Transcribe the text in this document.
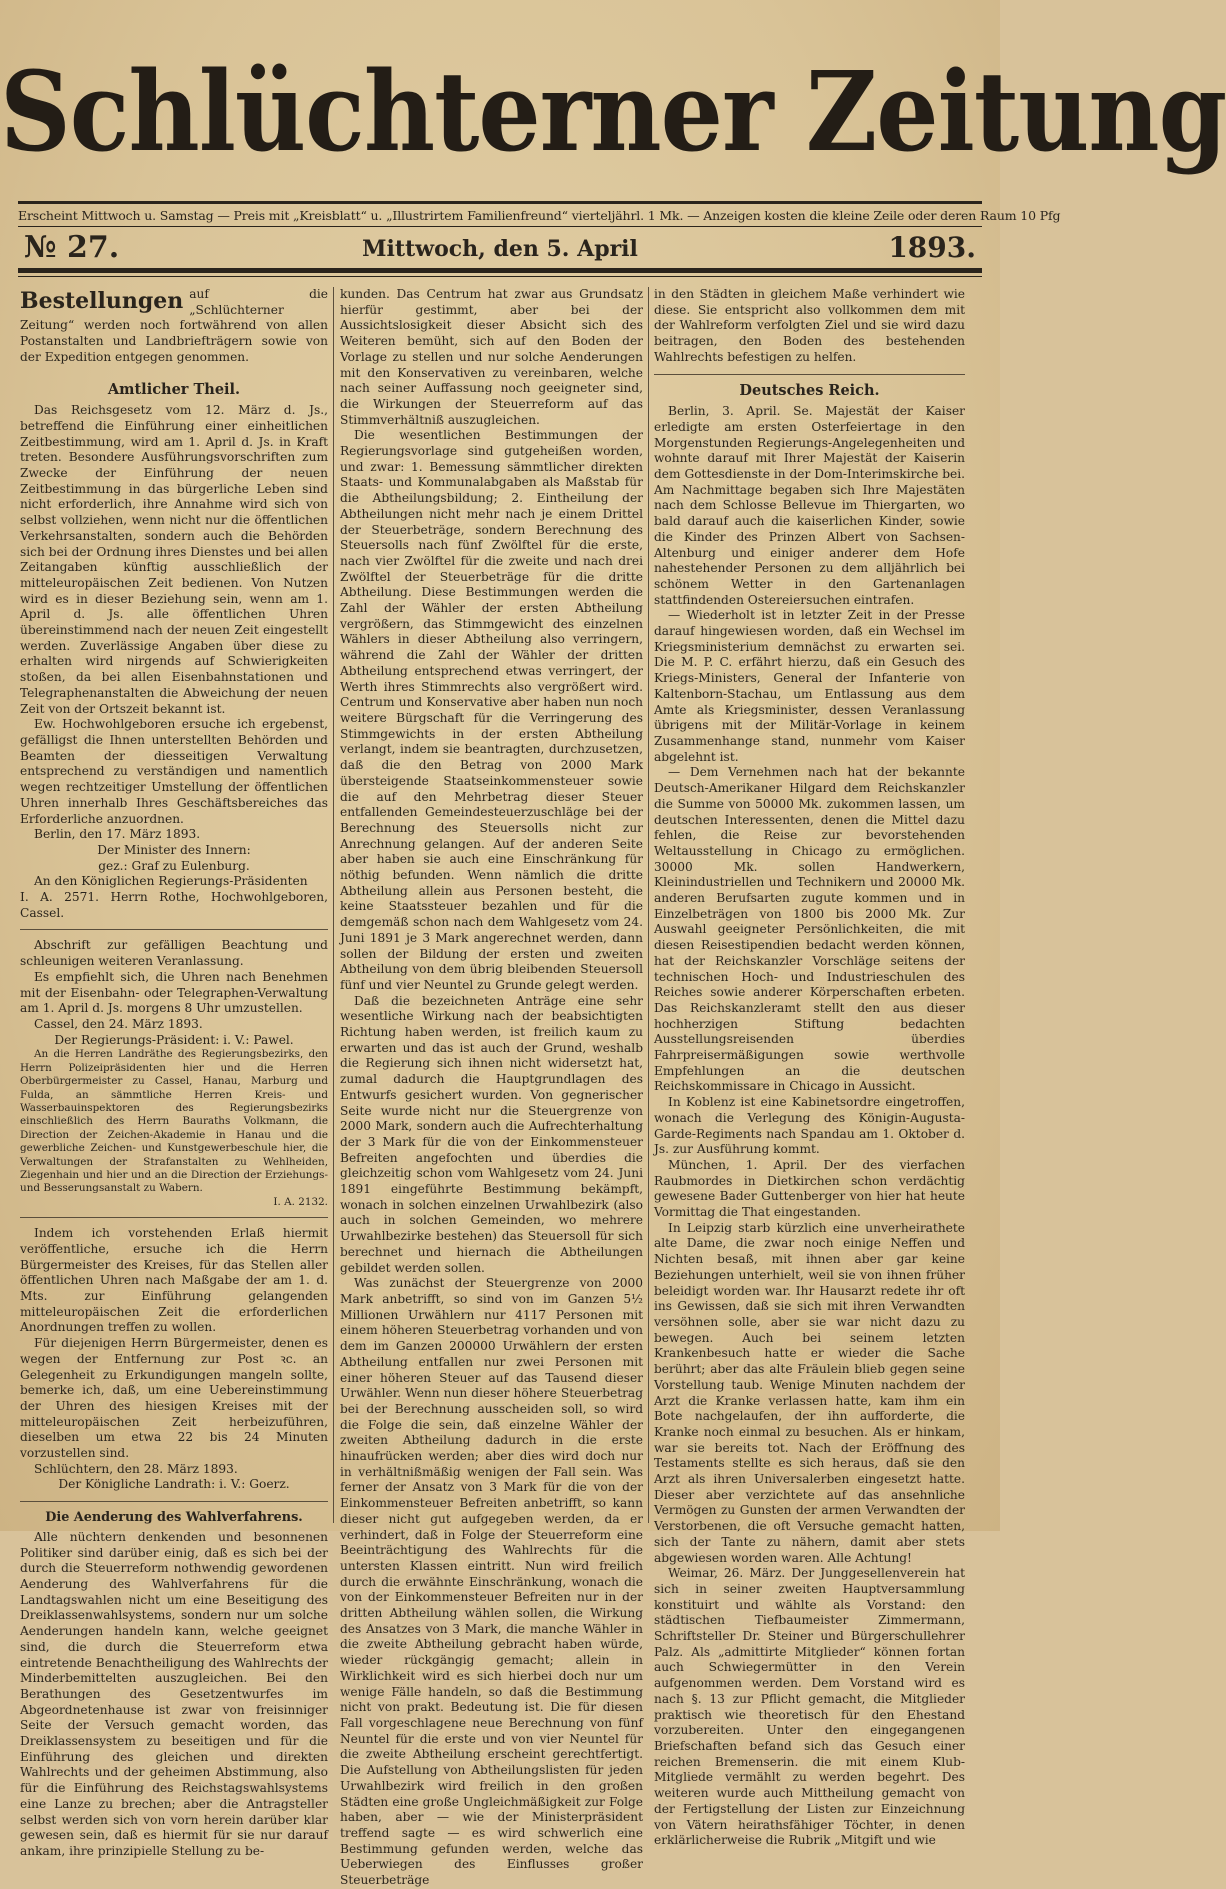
Schlüchterner Zeitung
Erscheint Mittwoch u. Samstag — Preis mit „Kreisblatt“ u. „Illustrirtem Familienfreund“ vierteljährl. 1 Mk. — Anzeigen kosten die kleine Zeile oder deren Raum 10 Pfg
№ 27.	Mittwoch, den 5. April	1893.
Bestellungen auf die „Schlüchterner Zeitung“ werden noch fortwährend von allen Postanstalten und Landbriefträgern sowie von der Expedition entgegen genommen.
Amtlicher Theil.

Das Reichsgesetz vom 12. März d. Js., betreffend die Einführung einer einheitlichen Zeitbestimmung, wird am 1. April d. Js. in Kraft treten. Besondere Ausführungsvorschriften zum Zwecke der Einführung der neuen Zeitbestimmung in das bürgerliche Leben sind nicht erforderlich, ihre Annahme wird sich von selbst vollziehen, wenn nicht nur die öffentlichen Verkehrsanstalten, sondern auch die Behörden sich bei der Ordnung ihres Dienstes und bei allen Zeitangaben künftig ausschließlich der mitteleuropäischen Zeit bedienen. Von Nutzen wird es in dieser Beziehung sein, wenn am 1. April d. Js. alle öffentlichen Uhren übereinstimmend nach der neuen Zeit eingestellt werden. Zuverlässige Angaben über diese zu erhalten wird nirgends auf Schwierigkeiten stoßen, da bei allen Eisenbahnstationen und Telegraphenanstalten die Abweichung der neuen Zeit von der Ortszeit bekannt ist.

Ew. Hochwohlgeboren ersuche ich ergebenst, gefälligst die Ihnen unterstellten Behörden und Beamten der diesseitigen Verwaltung entsprechend zu verständigen und namentlich wegen rechtzeitiger Umstellung der öffentlichen Uhren innerhalb Ihres Geschäftsbereiches das Erforderliche anzuordnen.

Berlin, den 17. März 1893.

Der Minister des Innern:

gez.: Graf zu Eulenburg.

An den Königlichen Regierungs-Präsidenten

I. A. 2571. Herrn Rothe, Hochwohlgeboren, Cassel.

Abschrift zur gefälligen Beachtung und schleunigen weiteren Veranlassung.

Es empfiehlt sich, die Uhren nach Benehmen mit der Eisenbahn- oder Telegraphen-Verwaltung am 1. April d. Js. morgens 8 Uhr umzustellen.

Cassel, den 24. März 1893.

Der Regierungs-Präsident: i. V.: Pawel.

An die Herren Landräthe des Regierungsbezirks, den Herrn Polizeipräsidenten hier und die Herren Oberbürgermeister zu Cassel, Hanau, Marburg und Fulda, an sämmtliche Herren Kreis- und Wasserbauinspektoren des Regierungsbezirks einschließlich des Herrn Bauraths Volkmann, die Direction der Zeichen-Akademie in Hanau und die gewerbliche Zeichen- und Kunstgewerbeschule hier, die Verwaltungen der Strafanstalten zu Wehlheiden, Ziegenhain und hier und an die Direction der Erziehungs- und Besserungsanstalt zu Wabern.

I. A. 2132.

Indem ich vorstehenden Erlaß hiermit veröffentliche, ersuche ich die Herrn Bürgermeister des Kreises, für das Stellen aller öffentlichen Uhren nach Maßgabe der am 1. d. Mts. zur Einführung gelangenden mitteleuropäischen Zeit die erforderlichen Anordnungen treffen zu wollen.

Für diejenigen Herrn Bürgermeister, denen es wegen der Entfernung zur Post ꝛc. an Gelegenheit zu Erkundigungen mangeln sollte, bemerke ich, daß, um eine Uebereinstimmung der Uhren des hiesigen Kreises mit der mitteleuropäischen Zeit herbeizuführen, dieselben um etwa 22 bis 24 Minuten vorzustellen sind.

Schlüchtern, den 28. März 1893.

Der Königliche Landrath: i. V.: Goerz.

Die Aenderung des Wahlverfahrens.

Alle nüchtern denkenden und besonnenen Politiker sind darüber einig, daß es sich bei der durch die Steuerreform nothwendig gewordenen Aenderung des Wahlverfahrens für die Landtagswahlen nicht um eine Beseitigung des Dreiklassenwahlsystems, sondern nur um solche Aenderungen handeln kann, welche geeignet sind, die durch die Steuerreform etwa eintretende Benachtheiligung des Wahlrechts der Minderbemittelten auszugleichen. Bei den Berathungen des Gesetzentwurfes im Abgeordnetenhause ist zwar von freisinniger Seite der Versuch gemacht worden, das Dreiklassensystem zu beseitigen und für die Einführung des gleichen und direkten Wahlrechts und der geheimen Abstimmung, also für die Einführung des Reichstagswahlsystems eine Lanze zu brechen; aber die Antragsteller selbst werden sich von vorn herein darüber klar gewesen sein, daß es hiermit für sie nur darauf ankam, ihre prinzipielle Stellung zu be-

kunden. Das Centrum hat zwar aus Grundsatz hierfür gestimmt, aber bei der Aussichtslosigkeit dieser Absicht sich des Weiteren bemüht, sich auf den Boden der Vorlage zu stellen und nur solche Aenderungen mit den Konservativen zu vereinbaren, welche nach seiner Auffassung noch geeigneter sind, die Wirkungen der Steuerreform auf das Stimmverhältniß auszugleichen.

Die wesentlichen Bestimmungen der Regierungsvorlage sind gutgeheißen worden, und zwar: 1. Bemessung sämmtlicher direkten Staats- und Kommunalabgaben als Maßstab für die Abtheilungsbildung; 2. Eintheilung der Abtheilungen nicht mehr nach je einem Drittel der Steuerbeträge, sondern Berechnung des Steuersolls nach fünf Zwölftel für die erste, nach vier Zwölftel für die zweite und nach drei Zwölftel der Steuerbeträge für die dritte Abtheilung. Diese Bestimmungen werden die Zahl der Wähler der ersten Abtheilung vergrößern, das Stimmgewicht des einzelnen Wählers in dieser Abtheilung also verringern, während die Zahl der Wähler der dritten Abtheilung entsprechend etwas verringert, der Werth ihres Stimmrechts also vergrößert wird. Centrum und Konservative aber haben nun noch weitere Bürgschaft für die Verringerung des Stimmgewichts in der ersten Abtheilung verlangt, indem sie beantragten, durchzusetzen, daß die den Betrag von 2000 Mark übersteigende Staatseinkommensteuer sowie die auf den Mehrbetrag dieser Steuer entfallenden Gemeindesteuerzuschläge bei der Berechnung des Steuersolls nicht zur Anrechnung gelangen. Auf der anderen Seite aber haben sie auch eine Einschränkung für nöthig befunden. Wenn nämlich die dritte Abtheilung allein aus Personen besteht, die keine Staatssteuer bezahlen und für die demgemäß schon nach dem Wahlgesetz vom 24. Juni 1891 je 3 Mark angerechnet werden, dann sollen der Bildung der ersten und zweiten Abtheilung von dem übrig bleibenden Steuersoll fünf und vier Neuntel zu Grunde gelegt werden.

Daß die bezeichneten Anträge eine sehr wesentliche Wirkung nach der beabsichtigten Richtung haben werden, ist freilich kaum zu erwarten und das ist auch der Grund, weshalb die Regierung sich ihnen nicht widersetzt hat, zumal dadurch die Hauptgrundlagen des Entwurfs gesichert wurden. Von gegnerischer Seite wurde nicht nur die Steuergrenze von 2000 Mark, sondern auch die Aufrechterhaltung der 3 Mark für die von der Einkommensteuer Befreiten angefochten und überdies die gleichzeitig schon vom Wahlgesetz vom 24. Juni 1891 eingeführte Bestimmung bekämpft, wonach in solchen einzelnen Urwahlbezirk (also auch in solchen Gemeinden, wo mehrere Urwahlbezirke bestehen) das Steuersoll für sich berechnet und hiernach die Abtheilungen gebildet werden sollen.

Was zunächst der Steuergrenze von 2000 Mark anbetrifft, so sind von im Ganzen 5½ Millionen Urwählern nur 4117 Personen mit einem höheren Steuerbetrag vorhanden und von dem im Ganzen 200000 Urwählern der ersten Abtheilung entfallen nur zwei Personen mit einer höheren Steuer auf das Tausend dieser Urwähler. Wenn nun dieser höhere Steuerbetrag bei der Berechnung ausscheiden soll, so wird die Folge die sein, daß einzelne Wähler der zweiten Abtheilung dadurch in die erste hinaufrücken werden; aber dies wird doch nur in verhältnißmäßig wenigen der Fall sein. Was ferner der Ansatz von 3 Mark für die von der Einkommensteuer Befreiten anbetrifft, so kann dieser nicht gut aufgegeben werden, da er verhindert, daß in Folge der Steuerreform eine Beeinträchtigung des Wahlrechts für die untersten Klassen eintritt. Nun wird freilich durch die erwähnte Einschränkung, wonach die von der Einkommensteuer Befreiten nur in der dritten Abtheilung wählen sollen, die Wirkung des Ansatzes von 3 Mark, die manche Wähler in die zweite Abtheilung gebracht haben würde, wieder rückgängig gemacht; allein in Wirklichkeit wird es sich hierbei doch nur um wenige Fälle handeln, so daß die Bestimmung nicht von prakt. Bedeutung ist. Die für diesen Fall vorgeschlagene neue Berechnung von fünf Neuntel für die erste und von vier Neuntel für die zweite Abtheilung erscheint gerechtfertigt. Die Aufstellung von Abtheilungslisten für jeden Urwahlbezirk wird freilich in den großen Städten eine große Ungleichmäßigkeit zur Folge haben, aber — wie der Ministerpräsident treffend sagte — es wird schwerlich eine Bestimmung gefunden werden, welche das Ueberwiegen des Einflusses großer Steuerbeträge

in den Städten in gleichem Maße verhindert wie diese. Sie entspricht also vollkommen dem mit der Wahlreform verfolgten Ziel und sie wird dazu beitragen, den Boden des bestehenden Wahlrechts befestigen zu helfen.

Deutsches Reich.

Berlin, 3. April. Se. Majestät der Kaiser erledigte am ersten Osterfeiertage in den Morgenstunden Regierungs-Angelegenheiten und wohnte darauf mit Ihrer Majestät der Kaiserin dem Gottesdienste in der Dom-Interimskirche bei. Am Nachmittage begaben sich Ihre Majestäten nach dem Schlosse Bellevue im Thiergarten, wo bald darauf auch die kaiserlichen Kinder, sowie die Kinder des Prinzen Albert von Sachsen-Altenburg und einiger anderer dem Hofe nahestehender Personen zu dem alljährlich bei schönem Wetter in den Gartenanlagen stattfindenden Ostereiersuchen eintrafen.

— Wiederholt ist in letzter Zeit in der Presse darauf hingewiesen worden, daß ein Wechsel im Kriegsministerium demnächst zu erwarten sei. Die M. P. C. erfährt hierzu, daß ein Gesuch des Kriegs-Ministers, General der Infanterie von Kaltenborn-Stachau, um Entlassung aus dem Amte als Kriegsminister, dessen Veranlassung übrigens mit der Militär-Vorlage in keinem Zusammenhange stand, nunmehr vom Kaiser abgelehnt ist.

— Dem Vernehmen nach hat der bekannte Deutsch-Amerikaner Hilgard dem Reichskanzler die Summe von 50000 Mk. zukommen lassen, um deutschen Interessenten, denen die Mittel dazu fehlen, die Reise zur bevorstehenden Weltausstellung in Chicago zu ermöglichen. 30000 Mk. sollen Handwerkern, Kleinindustriellen und Technikern und 20000 Mk. anderen Berufsarten zugute kommen und in Einzelbeträgen von 1800 bis 2000 Mk. Zur Auswahl geeigneter Persönlichkeiten, die mit diesen Reisestipendien bedacht werden können, hat der Reichskanzler Vorschläge seitens der technischen Hoch- und Industrieschulen des Reiches sowie anderer Körperschaften erbeten. Das Reichskanzleramt stellt den aus dieser hochherzigen Stiftung bedachten Ausstellungsreisenden überdies Fahrpreisermäßigungen sowie werthvolle Empfehlungen an die deutschen Reichskommissare in Chicago in Aussicht.

In Koblenz ist eine Kabinetsordre eingetroffen, wonach die Verlegung des Königin-Augusta-Garde-Regiments nach Spandau am 1. Oktober d. Js. zur Ausführung kommt.

München, 1. April. Der des vierfachen Raubmordes in Dietkirchen schon verdächtig gewesene Bader Guttenberger von hier hat heute Vormittag die That eingestanden.

In Leipzig starb kürzlich eine unverheirathete alte Dame, die zwar noch einige Neffen und Nichten besaß, mit ihnen aber gar keine Beziehungen unterhielt, weil sie von ihnen früher beleidigt worden war. Ihr Hausarzt redete ihr oft ins Gewissen, daß sie sich mit ihren Verwandten versöhnen solle, aber sie war nicht dazu zu bewegen. Auch bei seinem letzten Krankenbesuch hatte er wieder die Sache berührt; aber das alte Fräulein blieb gegen seine Vorstellung taub. Wenige Minuten nachdem der Arzt die Kranke verlassen hatte, kam ihm ein Bote nachgelaufen, der ihn aufforderte, die Kranke noch einmal zu besuchen. Als er hinkam, war sie bereits tot. Nach der Eröffnung des Testaments stellte es sich heraus, daß sie den Arzt als ihren Universalerben eingesetzt hatte. Dieser aber verzichtete auf das ansehnliche Vermögen zu Gunsten der armen Verwandten der Verstorbenen, die oft Versuche gemacht hatten, sich der Tante zu nähern, damit aber stets abgewiesen worden waren. Alle Achtung!

Weimar, 26. März. Der Junggesellenverein hat sich in seiner zweiten Hauptversammlung konstituirt und wählte als Vorstand: den städtischen Tiefbaumeister Zimmermann, Schriftsteller Dr. Steiner und Bürgerschullehrer Palz. Als „admittirte Mitglieder“ können fortan auch Schwiegermütter in den Verein aufgenommen werden. Dem Vorstand wird es nach §. 13 zur Pflicht gemacht, die Mitglieder praktisch wie theoretisch für den Ehestand vorzubereiten. Unter den eingegangenen Briefschaften befand sich das Gesuch einer reichen Bremenserin. die mit einem Klub-Mitgliede vermählt zu werden begehrt. Des weiteren wurde auch Mittheilung gemacht von der Fertigstellung der Listen zur Einzeichnung von Vätern heirathsfähiger Töchter, in denen erklärlicherweise die Rubrik „Mitgift und wie
